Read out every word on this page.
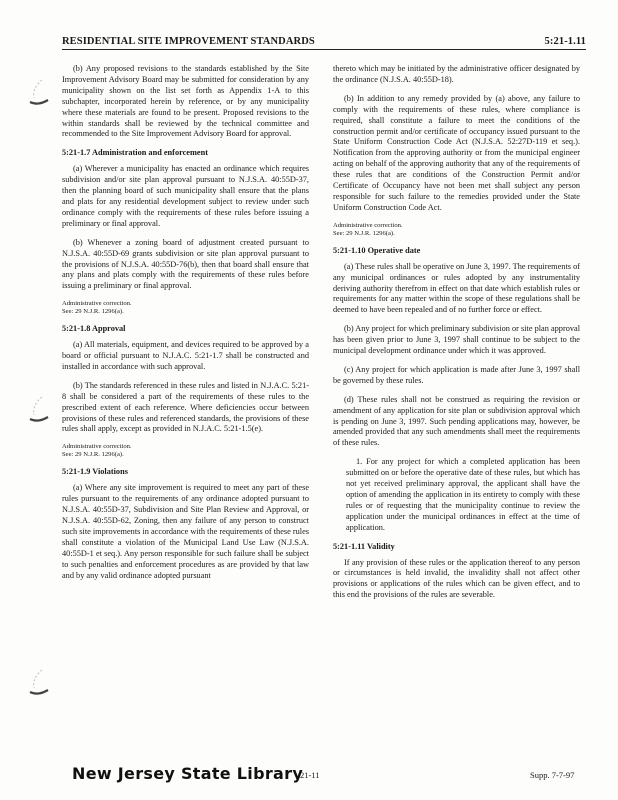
RESIDENTIAL SITE IMPROVEMENT STANDARDS	5:21-1.11

(b) Any proposed revisions to the standards established by the Site Improvement Advisory Board may be submitted for consideration by any municipality shown on the list set forth as Appendix 1-A to this subchapter, incorporated herein by reference, or by any municipality where these materials are found to be present. Proposed revisions to the within standards shall be reviewed by the technical committee and recommended to the Site Improvement Advisory Board for approval.

5:21-1.7 Administration and enforcement

(a) Wherever a municipality has enacted an ordinance which requires subdivision and/or site plan approval pursuant to N.J.S.A. 40:55D-37, then the planning board of such municipality shall ensure that the plans and plats for any residential development subject to review under such ordinance comply with the requirements of these rules before issuing a preliminary or final approval.

(b) Whenever a zoning board of adjustment created pursuant to N.J.S.A. 40:55D-69 grants subdivision or site plan approval pursuant to the provisions of N.J.S.A. 40:55D-76(b), then that board shall ensure that any plans and plats comply with the requirements of these rules before issuing a preliminary or final approval.

Administrative correction.
See: 29 N.J.R. 1296(a).
5:21-1.8 Approval

(a) All materials, equipment, and devices required to be approved by a board or official pursuant to N.J.A.C. 5:21-1.7 shall be constructed and installed in accordance with such approval.

(b) The standards referenced in these rules and listed in N.J.A.C. 5:21-8 shall be considered a part of the requirements of these rules to the prescribed extent of each reference. Where deficiencies occur between provisions of these rules and referenced standards, the provisions of these rules shall apply, except as provided in N.J.A.C. 5:21-1.5(e).

Administrative correction.
See: 29 N.J.R. 1296(a).
5:21-1.9 Violations

(a) Where any site improvement is required to meet any part of these rules pursuant to the requirements of any ordinance adopted pursuant to N.J.S.A. 40:55D-37, Subdivision and Site Plan Review and Approval, or N.J.S.A. 40:55D-62, Zoning, then any failure of any person to construct such site improvements in accordance with the requirements of these rules shall constitute a violation of the Municipal Land Use Law (N.J.S.A. 40:55D-1 et seq.). Any person responsible for such failure shall be subject to such penalties and enforcement procedures as are provided by that law and by any valid ordinance adopted pursuant

thereto which may be initiated by the administrative officer designated by the ordinance (N.J.S.A. 40:55D-18).

(b) In addition to any remedy provided by (a) above, any failure to comply with the requirements of these rules, where compliance is required, shall constitute a failure to meet the conditions of the construction permit and/or certificate of occupancy issued pursuant to the State Uniform Construction Code Act (N.J.S.A. 52:27D-119 et seq.). Notification from the approving authority or from the municipal engineer acting on behalf of the approving authority that any of the requirements of these rules that are conditions of the Construction Permit and/or Certificate of Occupancy have not been met shall subject any person responsible for such failure to the remedies provided under the State Uniform Construction Code Act.

Administrative correction.
See: 29 N.J.R. 1296(a).
5:21-1.10 Operative date

(a) These rules shall be operative on June 3, 1997. The requirements of any municipal ordinances or rules adopted by any instrumentality deriving authority therefrom in effect on that date which establish rules or requirements for any matter within the scope of these regulations shall be deemed to have been repealed and of no further force or effect.

(b) Any project for which preliminary subdivision or site plan approval has been given prior to June 3, 1997 shall continue to be subject to the municipal development ordinance under which it was approved.

(c) Any project for which application is made after June 3, 1997 shall be governed by these rules.

(d) These rules shall not be construed as requiring the revision or amendment of any application for site plan or subdivision approval which is pending on June 3, 1997. Such pending applications may, however, be amended provided that any such amendments shall meet the requirements of these rules.

1. For any project for which a completed application has been submitted on or before the operative date of these rules, but which has not yet received preliminary approval, the applicant shall have the option of amending the application in its entirety to comply with these rules or of requesting that the municipality continue to review the application under the municipal ordinances in effect at the time of application.

5:21-1.11 Validity

If any provision of these rules or the application thereof to any person or circumstances is held invalid, the invalidity shall not affect other provisions or applications of the rules which can be given effect, and to this end the provisions of the rules are severable.

New Jersey State Library
21-11	Supp. 7-7-97
